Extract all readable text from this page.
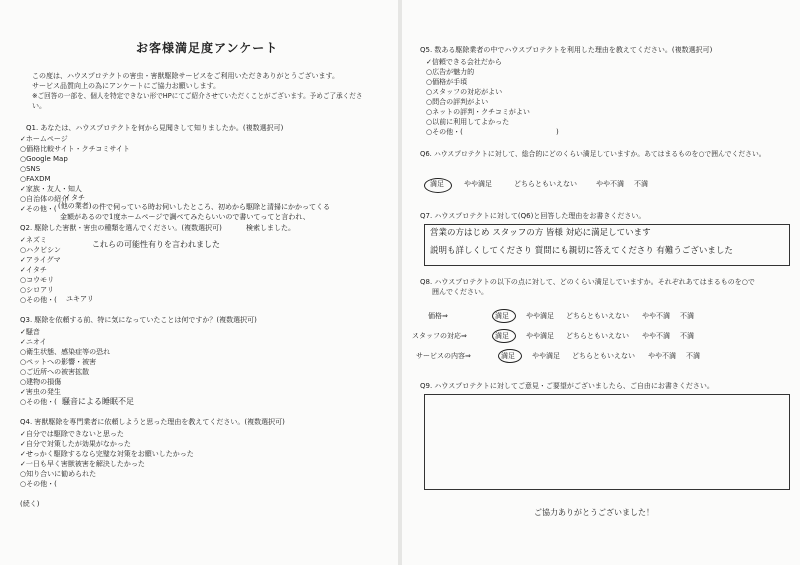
お客様満足度アンケート
この度は、ハウスプロテクトの害虫・害獣駆除サービスをご利用いただきありがとうございます。
サービス品質向上の為にアンケートにご協力お願いします。
※ご回答の一部を、個人を特定できない形でHPにてご紹介させていただくことがございます。予めご了承くださ
い。
Q1. あなたは、ハウスプロテクトを何から見聞きして知りましたか。(複数選択可)
✓ホームページ
○価格比較サイト・クチコミサイト
○Google Map
○SNS
○FAXDM
✓家族・友人・知人
○自治体の紹介
✓その他・( (他の業者)
イタチ
の件で伺っている時お伺いしたところ、初めから駆除と清掃にかかってくる
金額があるので1度ホームページで調べてみたらいいので書いてってと言われ、
検索しました。
Q2. 駆除した害獣・害虫の種類を選んでください。(複数選択可)
✓ネズミ
○ハクビシン
✓アライグマ
✓イタチ
○コウモリ
○シロアリ
○その他・( ユキアリ
これらの可能性有りを言われました
Q3. 駆除を依頼する前、特に気になっていたことは何ですか？(複数選択可)
✓騒音
✓ニオイ
○衛生状態、感染症等の恐れ
○ペットへの影響・被害
○ご近所への被害拡散
○建物の損傷
✓害虫の発生
○その他・( 騒音による睡眠不足
Q4. 害獣駆除を専門業者に依頼しようと思った理由を教えてください。(複数選択可)
✓自分では駆除できないと思った
✓自分で対策したが効果がなかった
✓せっかく駆除するなら完璧な対策をお願いしたかった
✓一日も早く害獣被害を解決したかった
○知り合いに勧められた
○その他・(
(続く)
Q5. 数ある駆除業者の中でハウスプロテクトを利用した理由を教えてください。(複数選択可)
✓信頼できる会社だから
○広告が魅力的
○価格が手頃
○スタッフの対応がよい
○問合の評判がよい
○ネットの評判・クチコミがよい
○以前に利用してよかった
○その他・(	)
Q6. ハウスプロテクトに対して、総合的にどのくらい満足していますか。あてはまるものを○で囲んでください。
満足	やや満足	どちらともいえない	やや不満 不満
Q7. ハウスプロテクトに対して(Q6)と回答した理由をお書きください。
営業の方はじめ スタッフの方 皆様 対応に満足しています
説明も詳しくしてくださり 質問にも親切に答えてくださり 有難うございました
Q8. ハウスプロテクトの以下の点に対して、どのくらい満足していますか。それぞれあてはまるものを○で
囲んでください。
価格⇒	満足 やや満足 どちらともいえない やや不満 不満
スタッフの対応⇒	満足 やや満足 どちらともいえない やや不満 不満
サービスの内容⇒	満足 やや満足 どちらともいえない やや不満 不満
Q9. ハウスプロテクトに対してご意見・ご要望がございましたら、ご自由にお書きください。
ご協力ありがとうございました！
